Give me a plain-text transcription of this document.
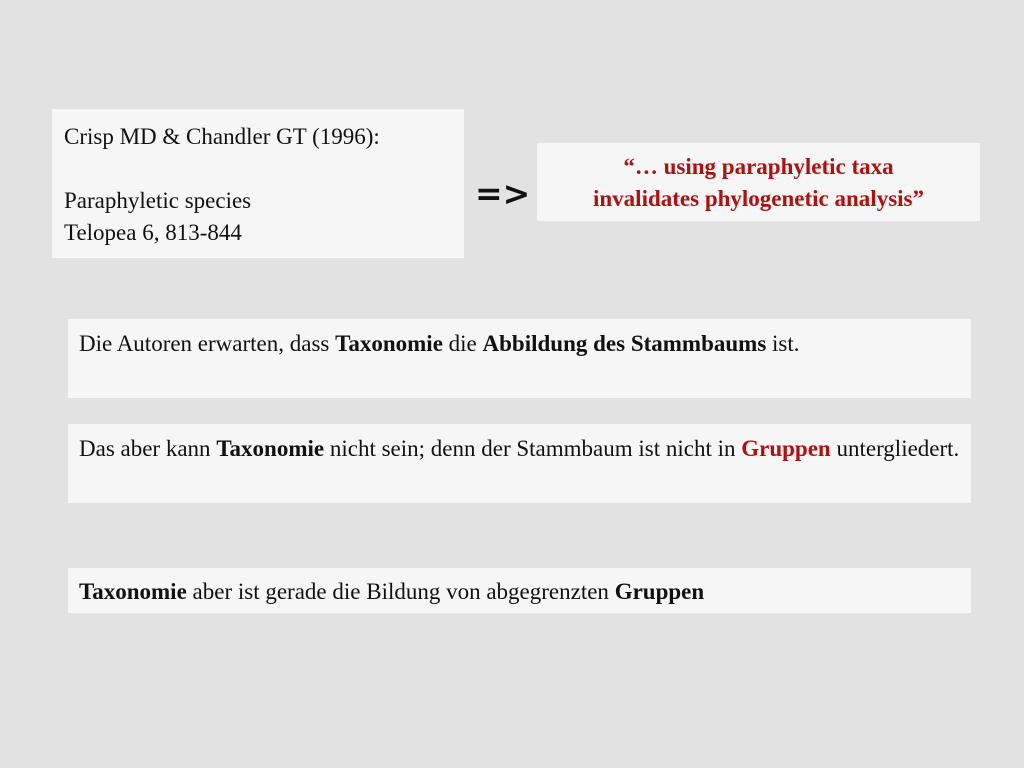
Crisp MD & Chandler GT (1996):
Paraphyletic species
Telopea 6, 813-844
=>
“… using paraphyletic taxa
invalidates phylogenetic analysis”
Die Autoren erwarten, dass Taxonomie die Abbildung des Stammbaums ist.
Das aber kann Taxonomie nicht sein; denn der Stammbaum ist nicht in Gruppen untergliedert.
Taxonomie aber ist gerade die Bildung von abgegrenzten Gruppen
